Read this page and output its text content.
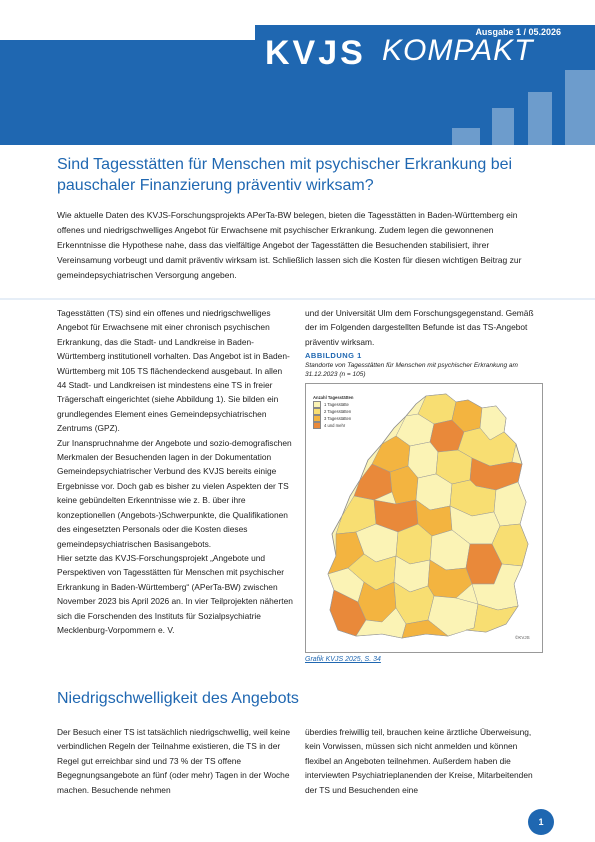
Ausgabe 1 / 05.2026
KVJS KOMPAKT
Sind Tagesstätten für Menschen mit psychischer Erkrankung bei pauschaler Finanzierung präventiv wirksam?

Wie aktuelle Daten des KVJS-Forschungsprojekts APerTa-BW belegen, bieten die Tagesstätten in Baden-Württemberg ein offenes und niedrigschwelliges Angebot für Erwachsene mit psychischer Erkrankung. Zudem legen die gewonnenen Erkenntnisse die Hypothese nahe, dass das vielfältige Angebot der Tagesstätten die Besuchenden stabilisiert, ihrer Vereinsamung vorbeugt und damit präventiv wirksam ist. Schließlich lassen sich die Kosten für diesen wichtigen Beitrag zur gemeindepsychiatrischen Versorgung angeben.

Tagesstätten (TS) sind ein offenes und niedrigschwelliges Angebot für Erwachsene mit einer chronisch psychischen Erkrankung, das die Stadt- und Landkreise in Baden-Württemberg institutionell vorhalten. Das Angebot ist in Baden-Württemberg mit 105 TS flächendeckend ausgebaut. In allen 44 Stadt- und Landkreisen ist mindestens eine TS in freier Trägerschaft eingerichtet (siehe Abbildung 1). Sie bilden ein grundlegendes Element eines Gemeindepsychiatrischen Zentrums (GPZ).

Zur Inanspruchnahme der Angebote und sozio-demografischen Merkmalen der Besuchenden lagen in der Dokumentation Gemeindepsychiatrischer Verbund des KVJS bereits einige Ergebnisse vor. Doch gab es bisher zu vielen Aspekten der TS keine gebündelten Erkenntnisse wie z. B. über ihre konzeptionellen (Angebots-)Schwerpunkte, die Qualifikationen des eingesetzten Personals oder die Kosten dieses gemeindepsychiatrischen Basisangebots.

Hier setzte das KVJS-Forschungsprojekt „Angebote und Perspektiven von Tagesstätten für Menschen mit psychischer Erkrankung in Baden-Württemberg“ (APerTa-BW) zwischen November 2023 bis April 2026 an. In vier Teilprojekten näherten sich die Forschenden des Instituts für Sozialpsychiatrie Mecklenburg-Vorpommern e. V.

und der Universität Ulm dem Forschungsgegenstand. Gemäß der im Folgenden dargestellten Befunde ist das TS-Angebot präventiv wirksam.

ABBILDUNG 1
Standorte von Tagesstätten für Menschen mit psychischer Erkrankung am 31.12.2023 (n = 105)
Anzahl Tagesstätten
1 Tagesstätte
2 Tagesstätten
3 Tagesstätten
4 und mehr
©KVJS
Grafik KVJS 2025, S. 34
Niedrigschwelligkeit des Angebots

Der Besuch einer TS ist tatsächlich niedrigschwellig, weil keine verbindlichen Regeln der Teilnahme existieren, die TS in der Regel gut erreichbar sind und 73 % der TS offene Begegnungsangebote an fünf (oder mehr) Tagen in der Woche machen. Besuchende nehmen

überdies freiwillig teil, brauchen keine ärztliche Überweisung, kein Vorwissen, müssen sich nicht anmelden und können flexibel an Angeboten teilnehmen. Außerdem haben die interviewten Psychiatrieplanenden der Kreise, Mitarbeitenden der TS und Besuchenden eine

1
